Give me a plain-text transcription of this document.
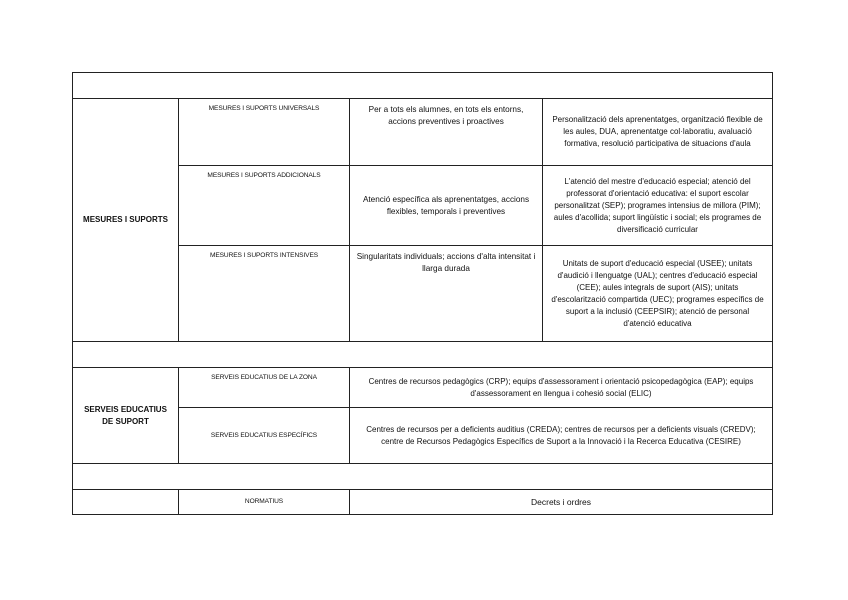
MESURES I SUPORTS	MESURES I SUPORTS UNIVERSALS	Per a tots els alumnes, en tots els entorns, accions preventives i proactives	Personalització dels aprenentatges, organització flexible de les aules, DUA, aprenentatge col·laboratiu, avaluació formativa, resolució participativa de situacions d'aula
	MESURES I SUPORTS ADDICIONALS	Atenció específica als aprenentatges, accions flexibles, temporals i preventives	L'atenció del mestre d'educació especial; atenció del professorat d'orientació educativa: el suport escolar personalitzat (SEP); programes intensius de millora (PIM); aules d'acollida; suport lingüístic i social; els programes de diversificació curricular
	MESURES I SUPORTS INTENSIVES	Singularitats individuals; accions d'alta intensitat i llarga durada	Unitats de suport d'educació especial (USEE); unitats d'audició i llenguatge (UAL); centres d'educació especial (CEE); aules integrals de suport (AIS); unitats d'escolarització compartida (UEC); programes específics de suport a la inclusió (CEEPSIR); atenció de personal d'atenció educativa

SERVEIS EDUCATIUS DE SUPORT	SERVEIS EDUCATIUS DE LA ZONA	Centres de recursos pedagògics (CRP); equips d'assessorament i orientació psicopedagògica (EAP); equips d'assessorament en llengua i cohesió social (ELIC)	
	SERVEIS EDUCATIUS ESPECÍFICS	Centres de recursos per a deficients auditius (CREDA); centres de recursos per a deficients visuals (CREDV); centre de Recursos Pedagògics Específics de Suport a la Innovació i la Recerca Educativa (CESIRE)	

	NORMATIUS	Decrets i ordres	
